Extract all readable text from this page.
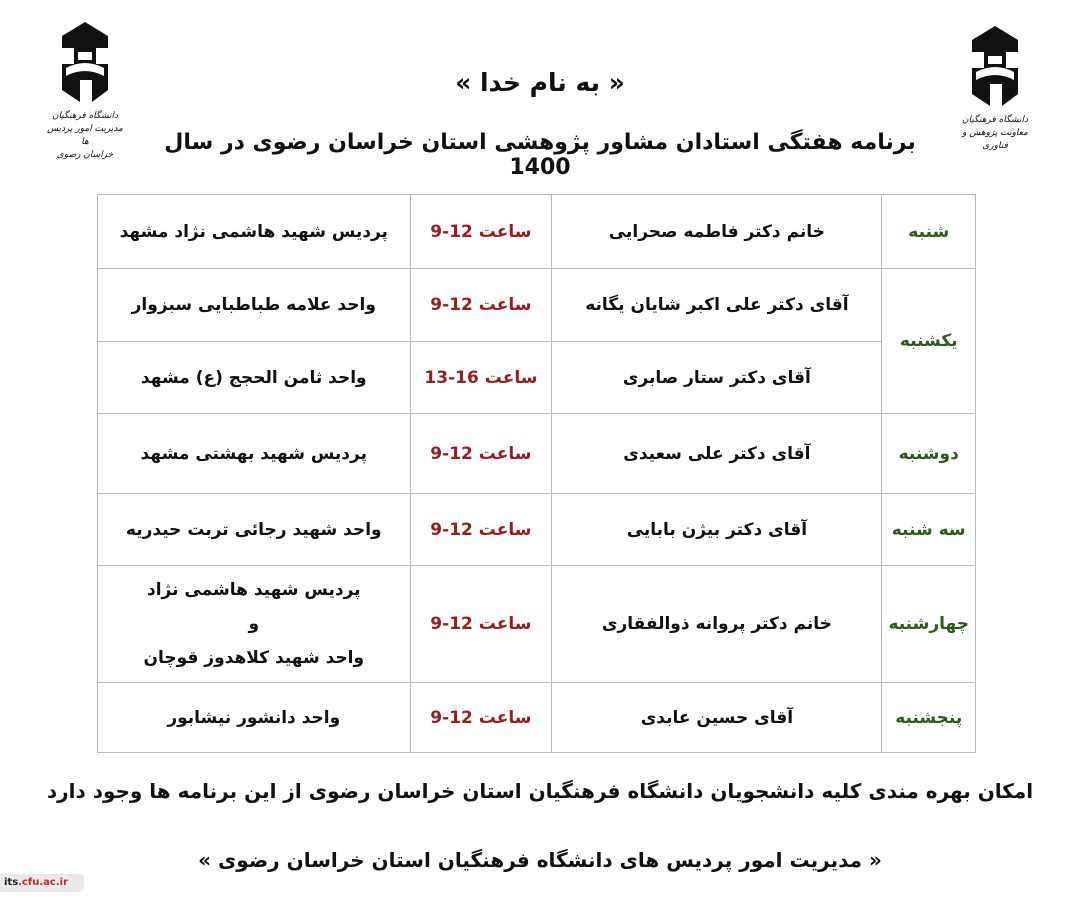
دانشگاه فرهنگیان
مدیریت امور پردیس ها
خراسان رضوی
دانشگاه فرهنگیان
معاونت پژوهش و فناوری
« به نام خدا »
برنامه هفتگی استادان مشاور پژوهشی استان خراسان رضوی در سال 1400
شنبه	خانم دکتر فاطمه صحرایی	ساعت 12-9	پردیس شهید هاشمی نژاد مشهد
یکشنبه	آقای دکتر علی اکبر شایان یگانه	ساعت 12-9	واحد علامه طباطبایی سبزوار
	آقای دکتر ستار صابری	ساعت 16-13	واحد ثامن الحجج (ع) مشهد
دوشنبه	آقای دکتر علی سعیدی	ساعت 12-9	پردیس شهید بهشتی مشهد
سه شنبه	آقای دکتر بیژن بابایی	ساعت 12-9	واحد شهید رجائی تربت حیدریه
چهارشنبه	خانم دکتر پروانه ذوالفقاری	ساعت 12-9	پردیس شهید هاشمی نژاد
و
واحد شهید کلاهدوز قوچان

پنجشنبه	آقای حسین عابدی	ساعت 12-9	واحد دانشور نیشابور
امکان بهره مندی کلیه دانشجویان دانشگاه فرهنگیان استان خراسان رضوی از این برنامه ها وجود دارد
« مدیریت امور پردیس های دانشگاه فرهنگیان استان خراسان رضوی »
its.cfu.ac.ir
